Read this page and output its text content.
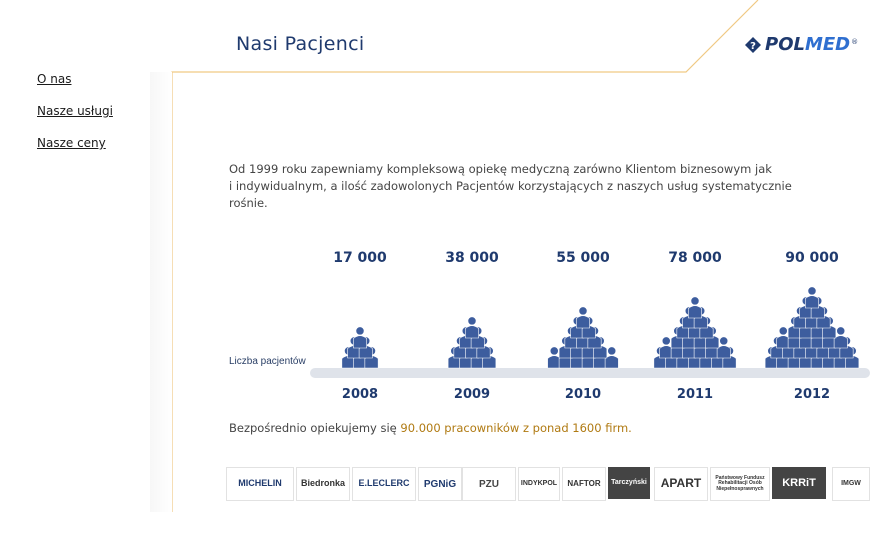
Nasi Pacjenci	? POLMED ®
O nas
Nasze usługi
Nasze ceny
Od 1999 roku zapewniamy kompleksową opiekę medyczną zarówno Klientom biznesowym jak
i indywidualnym, a ilość zadowolonych Pacjentów korzystających z naszych usług systematycznie rośnie.
Liczba pacjentów
17 000
2008
38 000
2009
55 000
2010
78 000
2011
90 000
2012
Bezpośrednio opiekujemy się 90.000 pracowników z ponad 1600 firm.
MICHELIN	Biedronka	E.LECLERC	PGNiG	PZU	INDYKPOL	NAFTOR	Tarczyński	APART	Państwowy Fundusz Rehabilitacji Osób Niepełnosprawnych	KRRiT	IMGW
